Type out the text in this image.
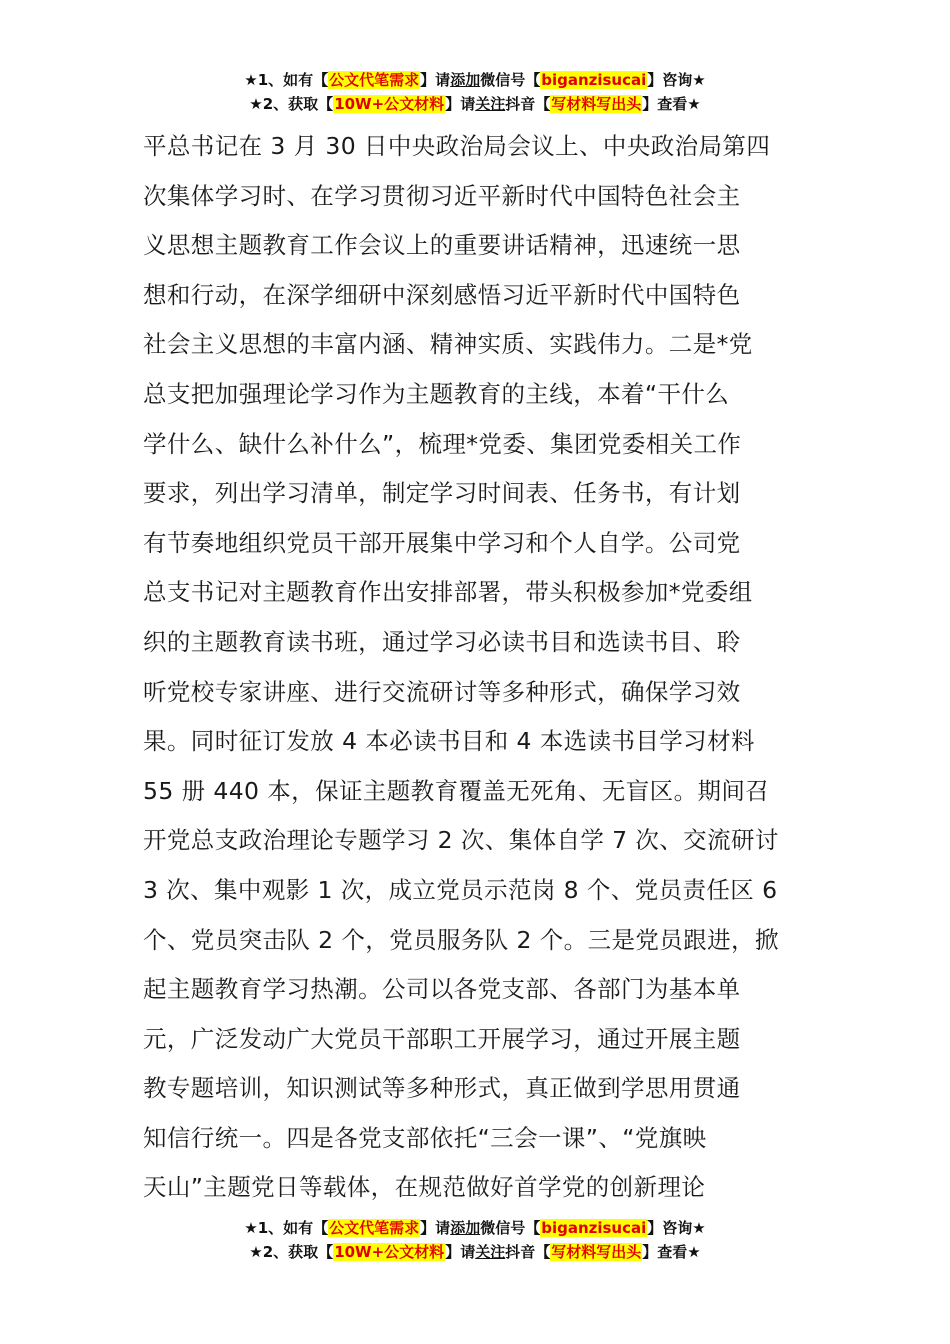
★1、如有【公文代笔需求】请添加微信号【biganzisucai】咨询★
★2、获取【10W+公文材料】请关注抖音【写材料写出头】查看★
平总书记在 3 月 30 日中央政治局会议上、中央政治局第四
次集体学习时、在学习贯彻习近平新时代中国特色社会主
义思想主题教育工作会议上的重要讲话精神，迅速统一思
想和行动，在深学细研中深刻感悟习近平新时代中国特色
社会主义思想的丰富内涵、精神实质、实践伟力。二是*党
总支把加强理论学习作为主题教育的主线，本着“干什么
学什么、缺什么补什么”，梳理*党委、集团党委相关工作
要求，列出学习清单，制定学习时间表、任务书，有计划
有节奏地组织党员干部开展集中学习和个人自学。公司党
总支书记对主题教育作出安排部署，带头积极参加*党委组
织的主题教育读书班，通过学习必读书目和选读书目、聆
听党校专家讲座、进行交流研讨等多种形式，确保学习效
果。同时征订发放 4 本必读书目和 4 本选读书目学习材料
55 册 440 本，保证主题教育覆盖无死角、无盲区。期间召
开党总支政治理论专题学习 2 次、集体自学 7 次、交流研讨
3 次、集中观影 1 次，成立党员示范岗 8 个、党员责任区 6
个、党员突击队 2 个，党员服务队 2 个。三是党员跟进，掀
起主题教育学习热潮。公司以各党支部、各部门为基本单
元，广泛发动广大党员干部职工开展学习，通过开展主题
教专题培训，知识测试等多种形式，真正做到学思用贯通
知信行统一。四是各党支部依托“三会一课”、“党旗映
天山”主题党日等载体，在规范做好首学党的创新理论
★1、如有【公文代笔需求】请添加微信号【biganzisucai】咨询★
★2、获取【10W+公文材料】请关注抖音【写材料写出头】查看★
